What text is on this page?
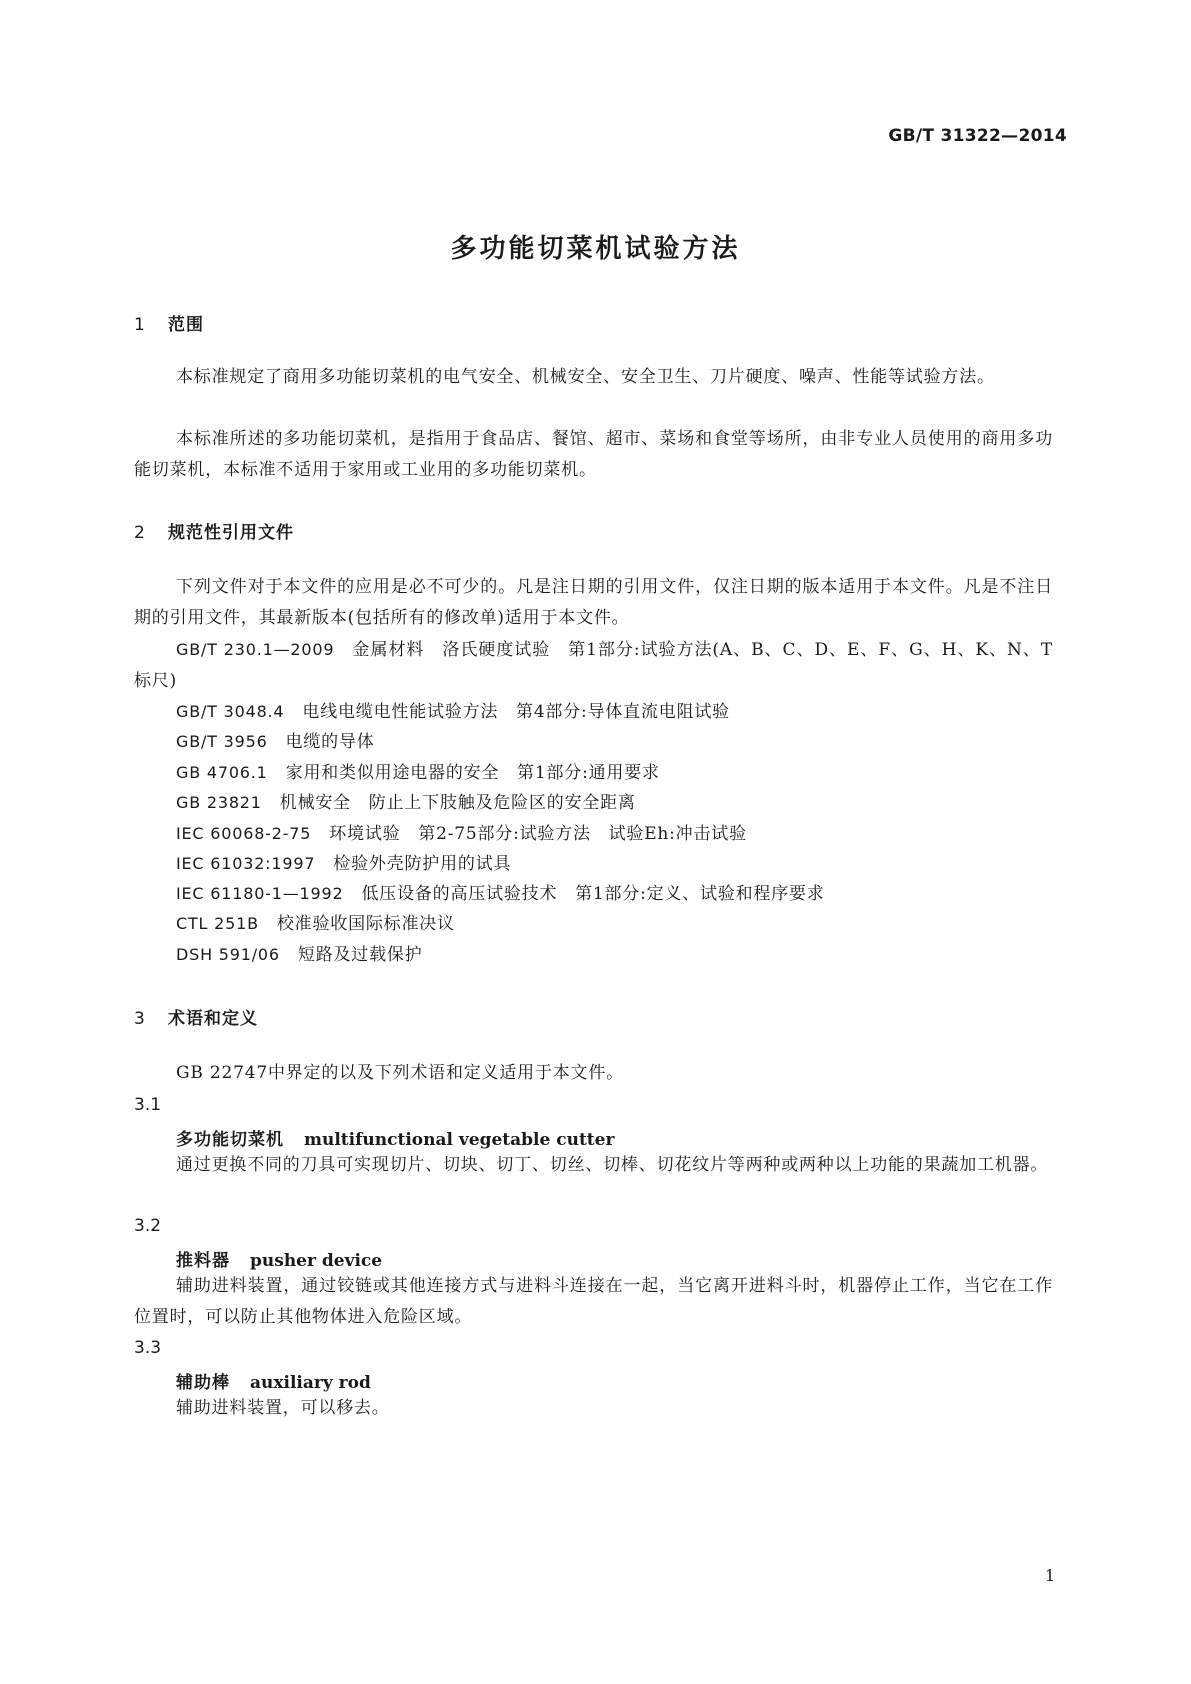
GB/T 31322—2014
多功能切菜机试验方法
1 范围

本标准规定了商用多功能切菜机的电气安全、机械安全、安全卫生、刀片硬度、噪声、性能等试验方法。

本标准所述的多功能切菜机，是指用于食品店、餐馆、超市、菜场和食堂等场所，由非专业人员使用的商用多功能切菜机，本标准不适用于家用或工业用的多功能切菜机。

2 规范性引用文件

下列文件对于本文件的应用是必不可少的。凡是注日期的引用文件，仅注日期的版本适用于本文件。凡是不注日期的引用文件，其最新版本(包括所有的修改单)适用于本文件。

GB/T 230.1—2009 金属材料　洛氏硬度试验　第1部分:试验方法(A、B、C、D、E、F、G、H、K、N、T标尺)
GB/T 3048.4 电线电缆电性能试验方法　第4部分:导体直流电阻试验
GB/T 3956 电缆的导体
GB 4706.1 家用和类似用途电器的安全　第1部分:通用要求
GB 23821 机械安全　防止上下肢触及危险区的安全距离
IEC 60068-2-75 环境试验　第2-75部分:试验方法　试验Eh:冲击试验
IEC 61032:1997 检验外壳防护用的试具
IEC 61180-1—1992 低压设备的高压试验技术　第1部分:定义、试验和程序要求
CTL 251B 校准验收国际标准决议
DSH 591/06 短路及过载保护
3 术语和定义

GB 22747中界定的以及下列术语和定义适用于本文件。

3.1
多功能切菜机 multifunctional vegetable cutter

通过更换不同的刀具可实现切片、切块、切丁、切丝、切棒、切花纹片等两种或两种以上功能的果蔬加工机器。

3.2
推料器 pusher device

辅助进料装置，通过铰链或其他连接方式与进料斗连接在一起，当它离开进料斗时，机器停止工作，当它在工作位置时，可以防止其他物体进入危险区域。

3.3
辅助棒 auxiliary rod

辅助进料装置，可以移去。

1
